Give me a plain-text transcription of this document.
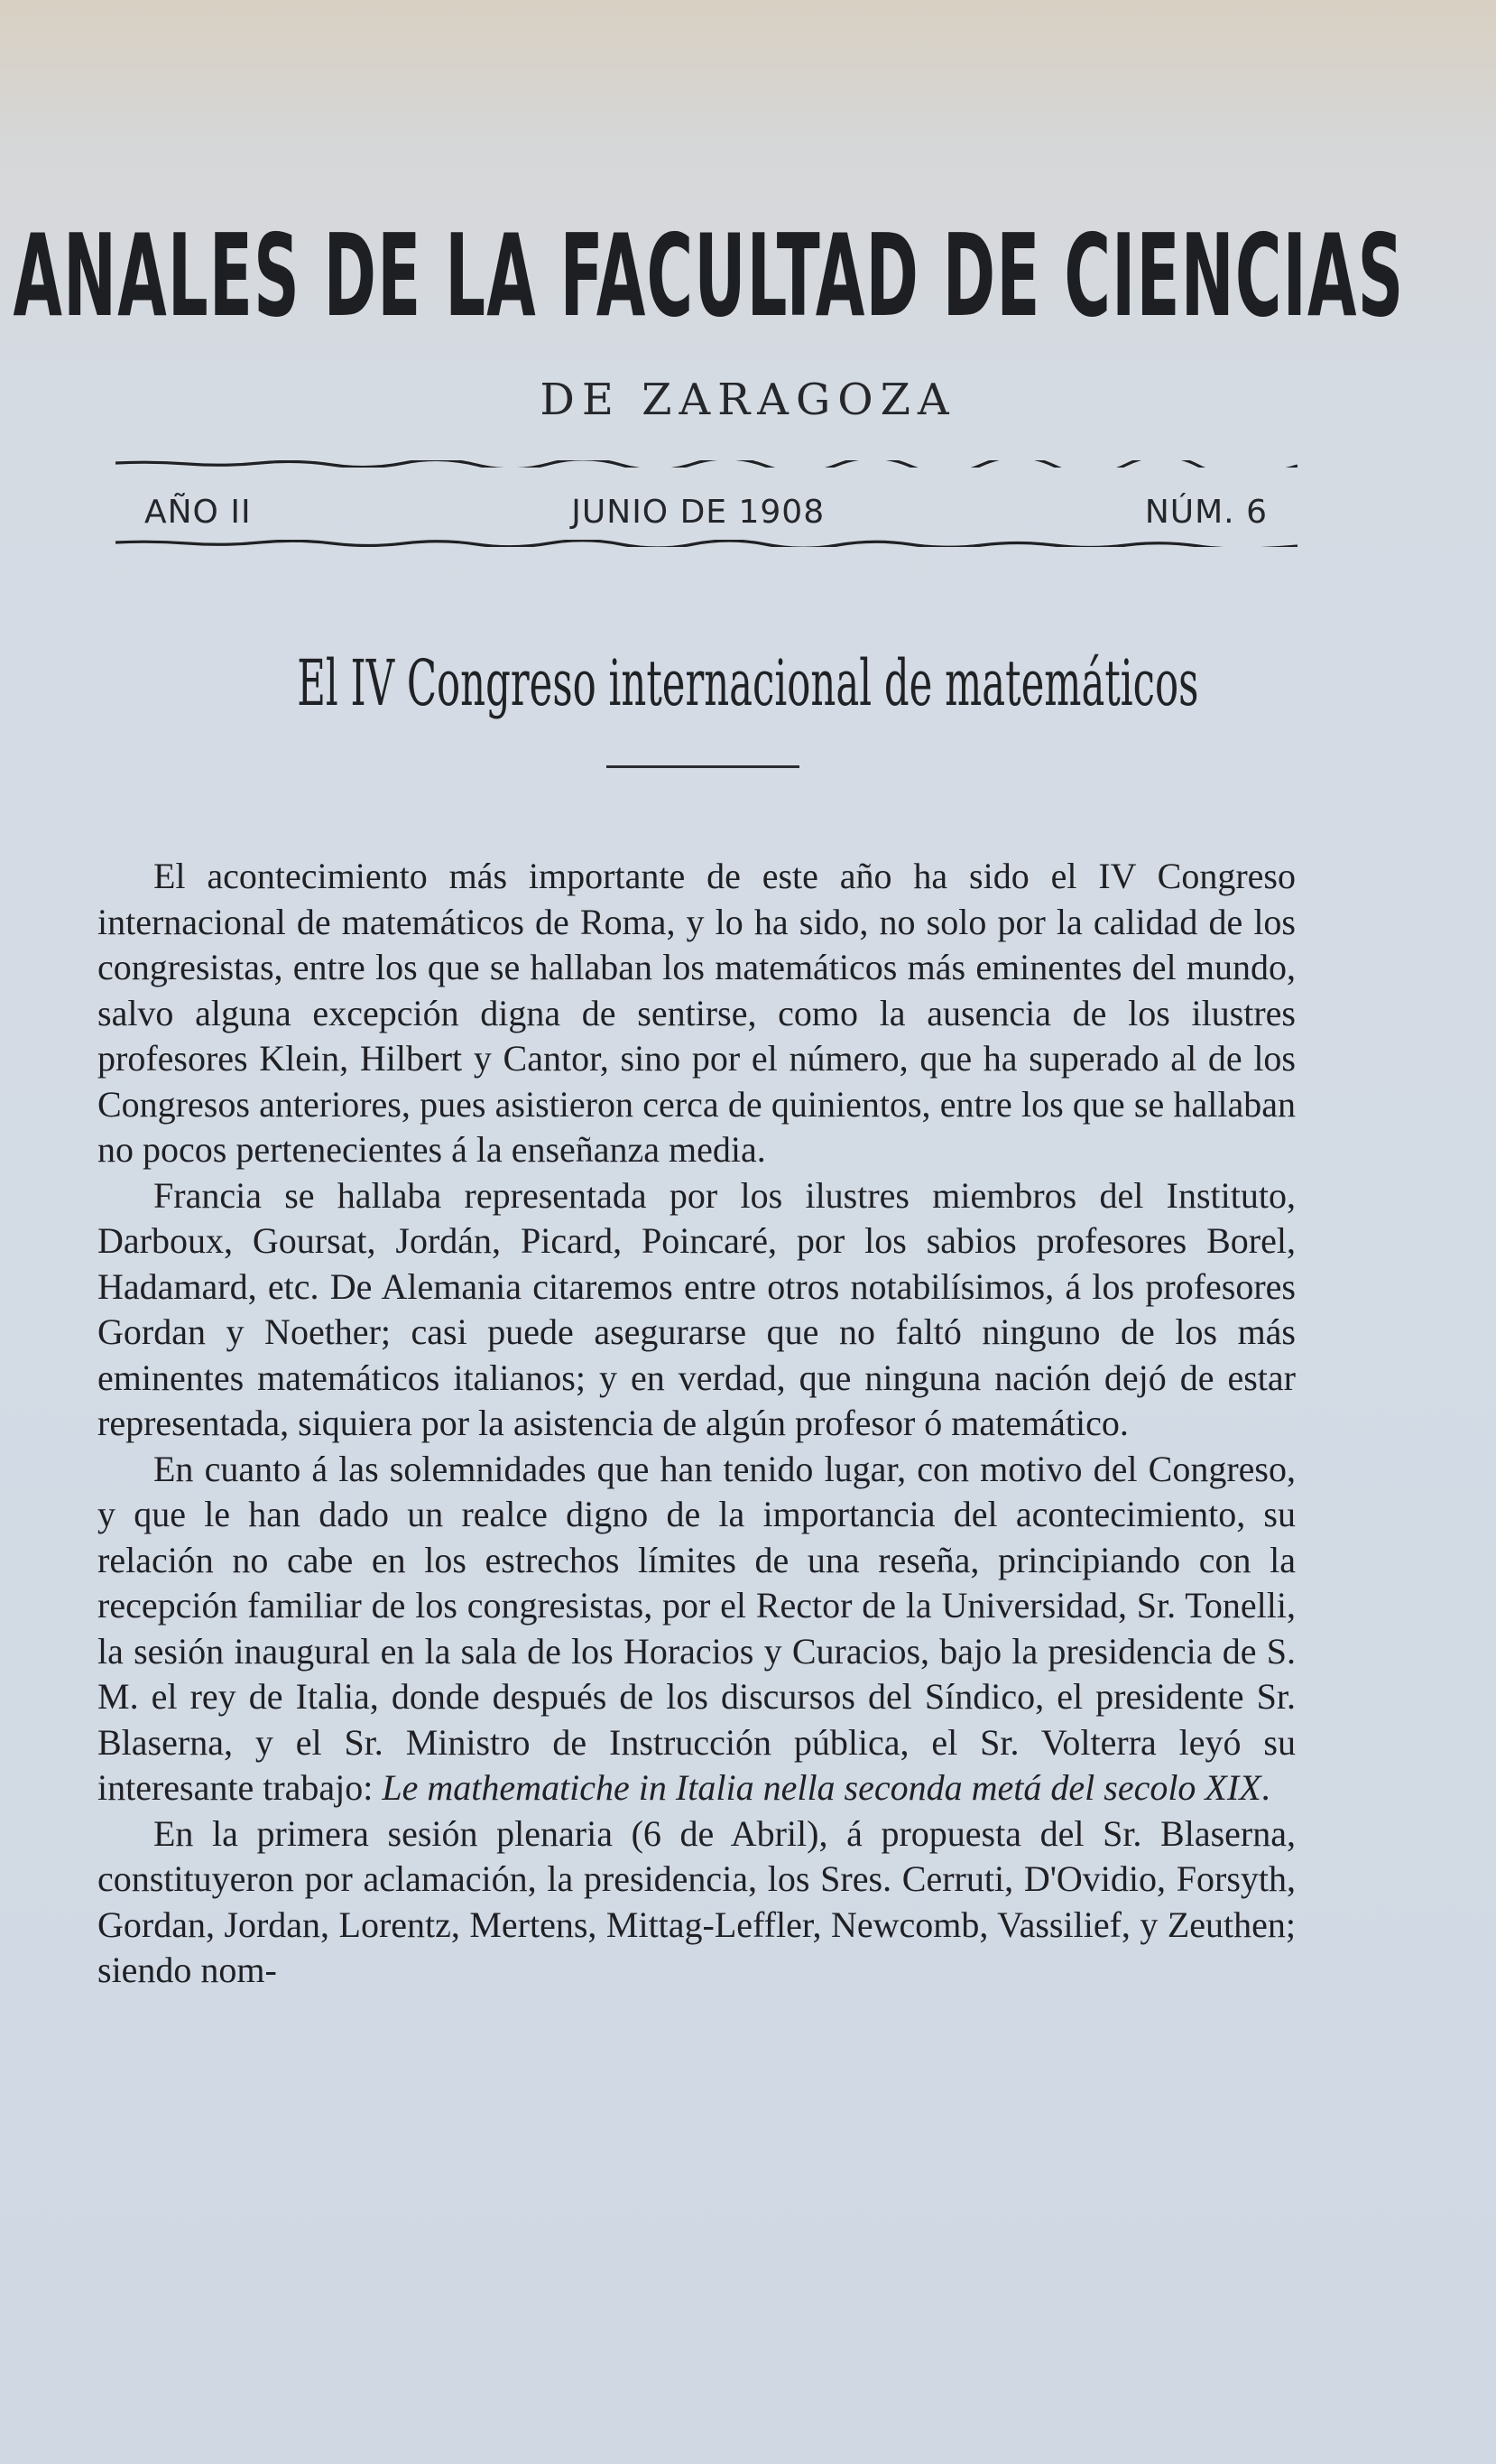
ANALES DE LA FACULTAD DE CIENCIAS
DE ZARAGOZA
AÑO II	JUNIO DE 1908	NÚM. 6
El IV Congreso internacional de matemáticos

El acontecimiento más importante de este año ha sido el IV Congreso internacional de matemáticos de Roma, y lo ha sido, no solo por la calidad de los congresistas, entre los que se hallaban los matemáticos más eminentes del mundo, salvo alguna excepción digna de sentirse, como la ausencia de los ilustres profesores Klein, Hilbert y Cantor, sino por el número, que ha superado al de los Congresos anteriores, pues asistieron cerca de quinientos, entre los que se hallaban no pocos pertenecientes á la enseñanza media.

Francia se hallaba representada por los ilustres miembros del Instituto, Darboux, Goursat, Jordán, Picard, Poincaré, por los sabios profesores Borel, Hadamard, etc. De Alemania citaremos entre otros notabilísimos, á los profesores Gordan y Noether; casi puede asegurarse que no faltó ninguno de los más eminentes matemáticos italianos; y en verdad, que ninguna nación dejó de estar representada, siquiera por la asistencia de algún profesor ó matemático.

En cuanto á las solemnidades que han tenido lugar, con motivo del Congreso, y que le han dado un realce digno de la importancia del acontecimiento, su relación no cabe en los estrechos límites de una reseña, principiando con la recepción familiar de los congresistas, por el Rector de la Universidad, Sr. Tonelli, la sesión inaugural en la sala de los Horacios y Curacios, bajo la presidencia de S. M. el rey de Italia, donde después de los discursos del Síndico, el presidente Sr. Blaserna, y el Sr. Ministro de Instrucción pública, el Sr. Volterra leyó su interesante trabajo: Le mathematiche in Italia nella seconda metá del secolo XIX.

En la primera sesión plenaria (6 de Abril), á propuesta del Sr. Blaserna, constituyeron por aclamación, la presidencia, los Sres. Cerruti, D'Ovidio, Forsyth, Gordan, Jordan, Lorentz, Mertens, Mittag-Leffler, Newcomb, Vassilief, y Zeuthen; siendo nom-
